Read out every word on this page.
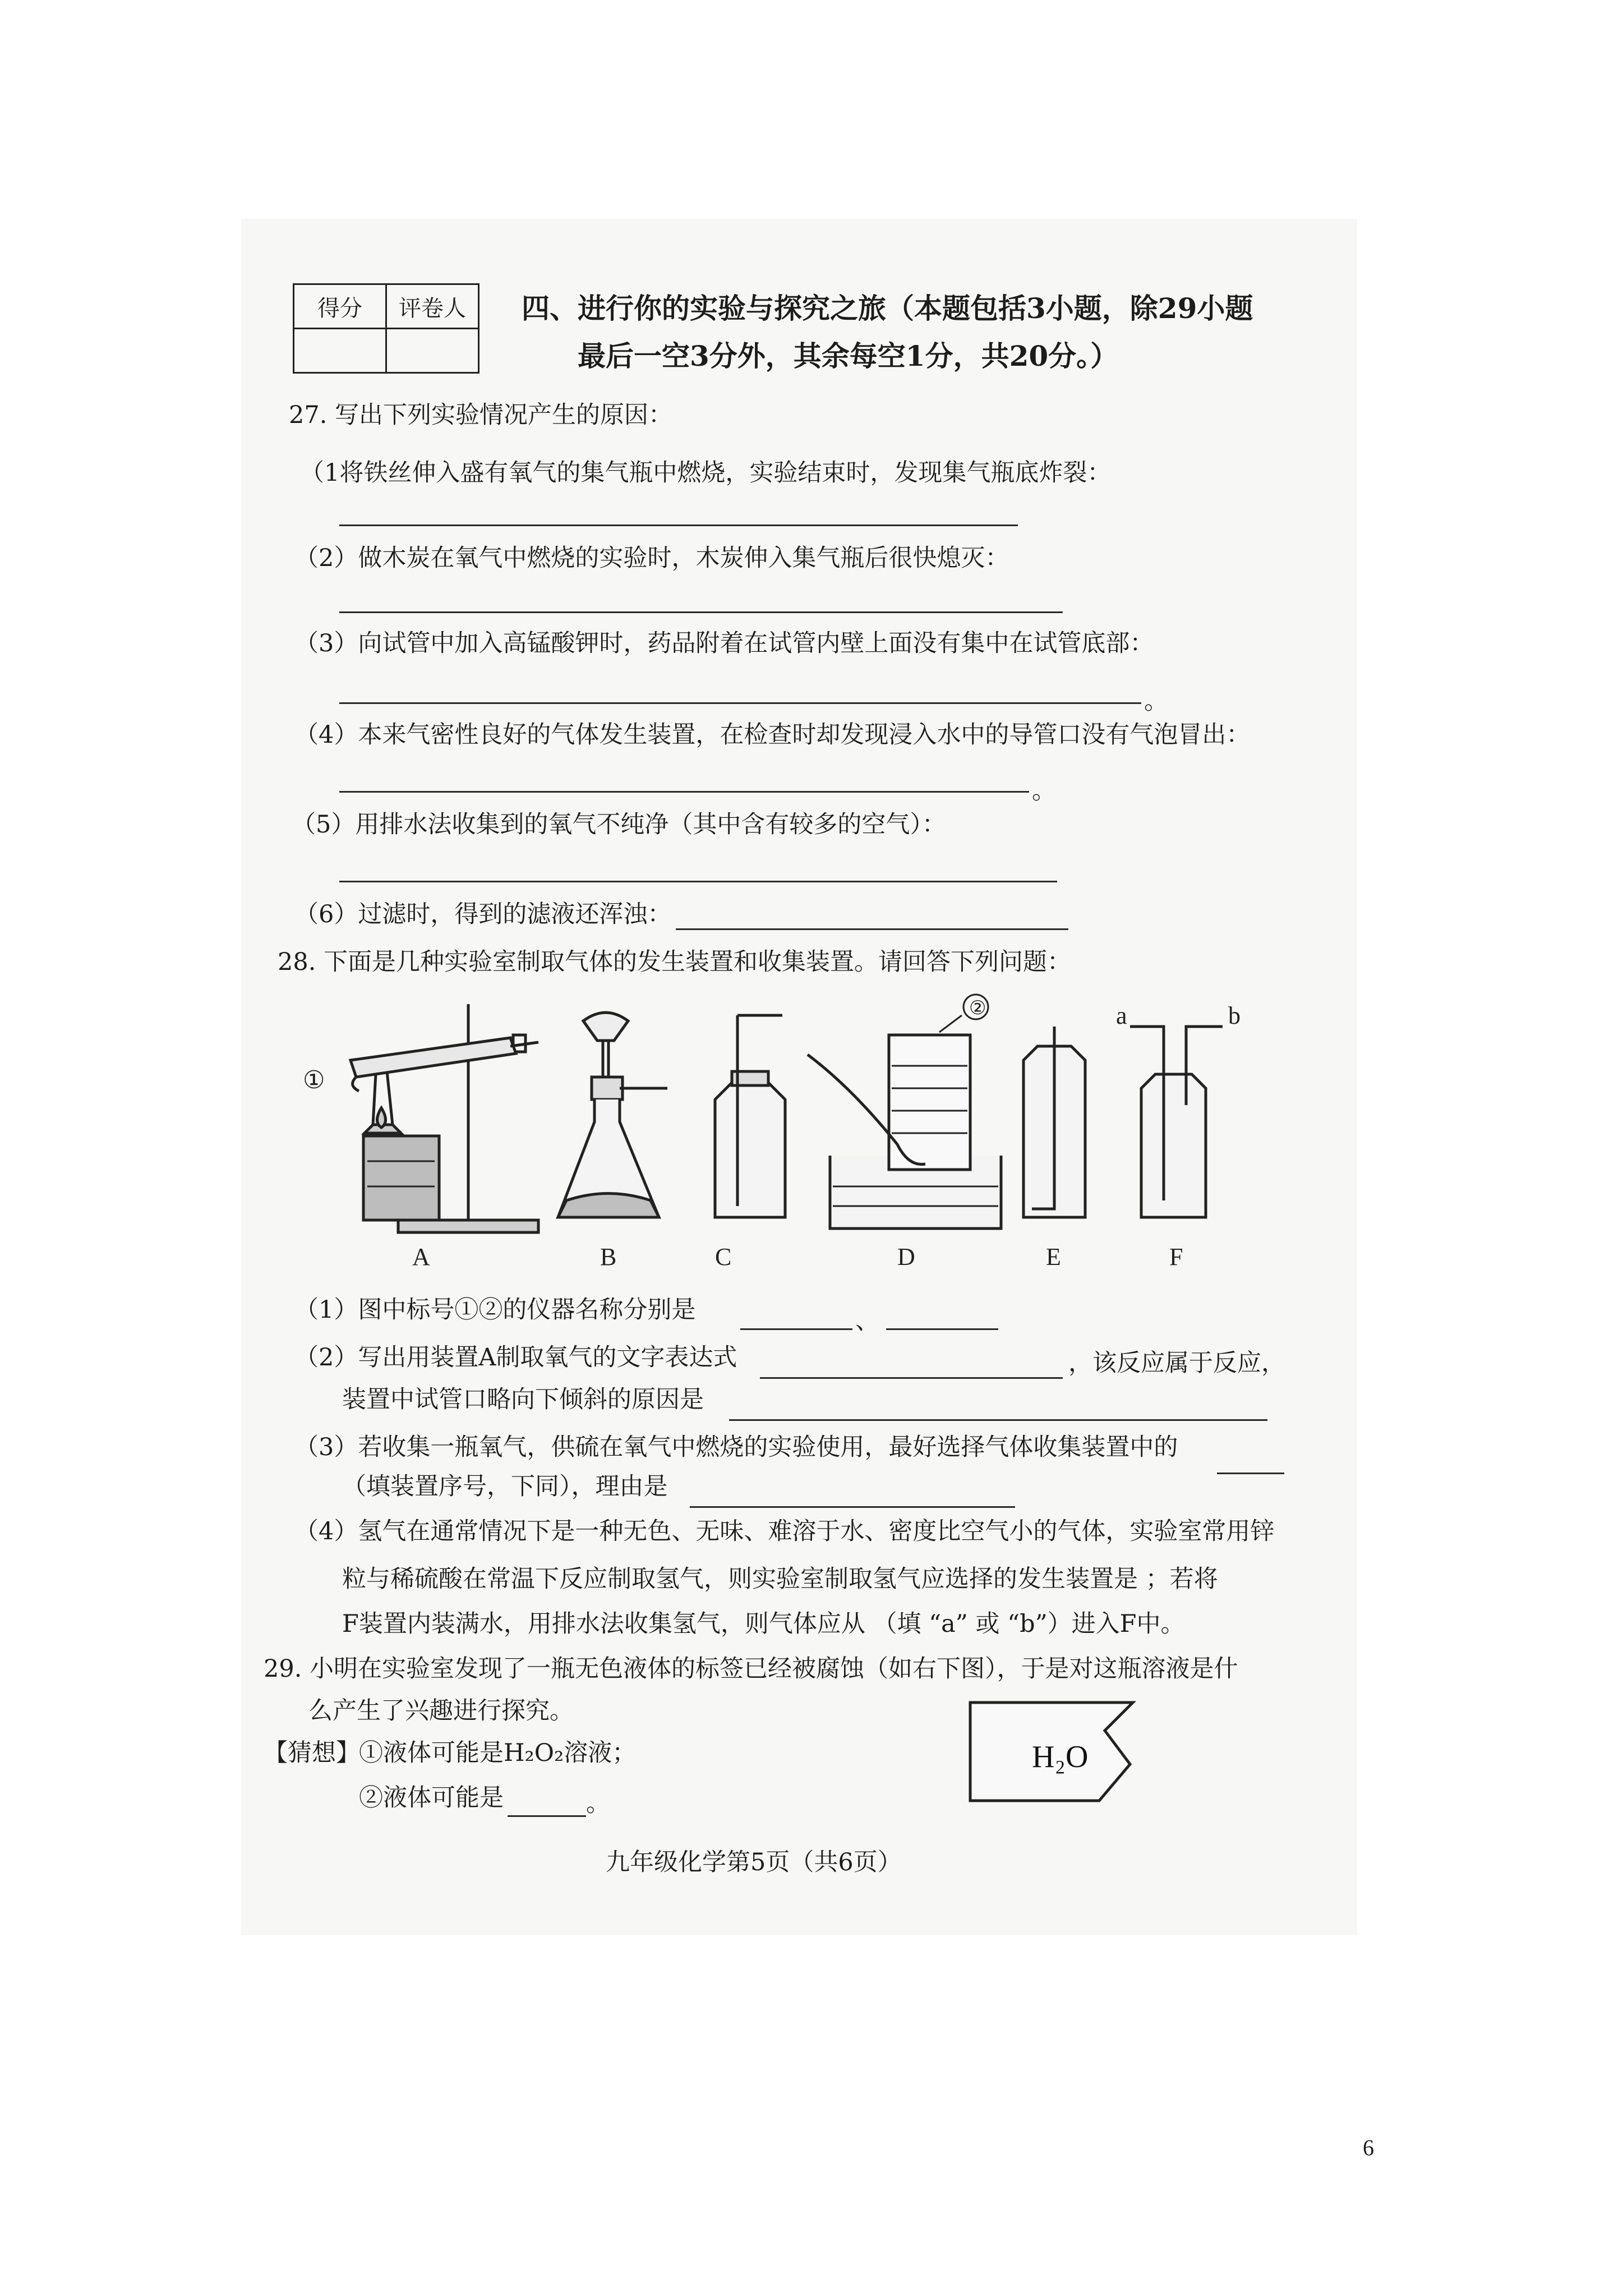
得分	评卷人
	四、进行你的实验与探究之旅（本题包括3小题，除29小题
最后一空3分外，其余每空1分，共20分。）
27. 写出下列实验情况产生的原因：
（1将铁丝伸入盛有氧气的集气瓶中燃烧，实验结束时，发现集气瓶底炸裂：
（2）做木炭在氧气中燃烧的实验时，木炭伸入集气瓶后很快熄灭：
（3）向试管中加入高锰酸钾时，药品附着在试管内壁上面没有集中在试管底部：
。
（4）本来气密性良好的气体发生装置，在检查时却发现浸入水中的导管口没有气泡冒出：
。
（5）用排水法收集到的氧气不纯净（其中含有较多的空气）：
（6）过滤时，得到的滤液还浑浊：
28. 下面是几种实验室制取气体的发生装置和收集装置。请回答下列问题：
①
②	a	b
A	B	C	D	E	F
（1）图中标号①②的仪器名称分别是	、
（2）写出用装置A制取氧气的文字表达式	，该反应属于反应，
装置中试管口略向下倾斜的原因是
（3）若收集一瓶氧气，供硫在氧气中燃烧的实验使用，最好选择气体收集装置中的
（填装置序号，下同），理由是
（4）氢气在通常情况下是一种无色、无味、难溶于水、密度比空气小的气体，实验室常用锌
粒与稀硫酸在常温下反应制取氢气，则实验室制取氢气应选择的发生装置是 ；若将
F装置内装满水，用排水法收集氢气，则气体应从 （填 “a” 或 “b”）进入F中。
29. 小明在实验室发现了一瓶无色液体的标签已经被腐蚀（如右下图），于是对这瓶溶液是什
么产生了兴趣进行探究。
H₂O
【猜想】
①液体可能是H₂O₂溶液；
②液体可能是	。
九年级化学第5页（共6页）
6
